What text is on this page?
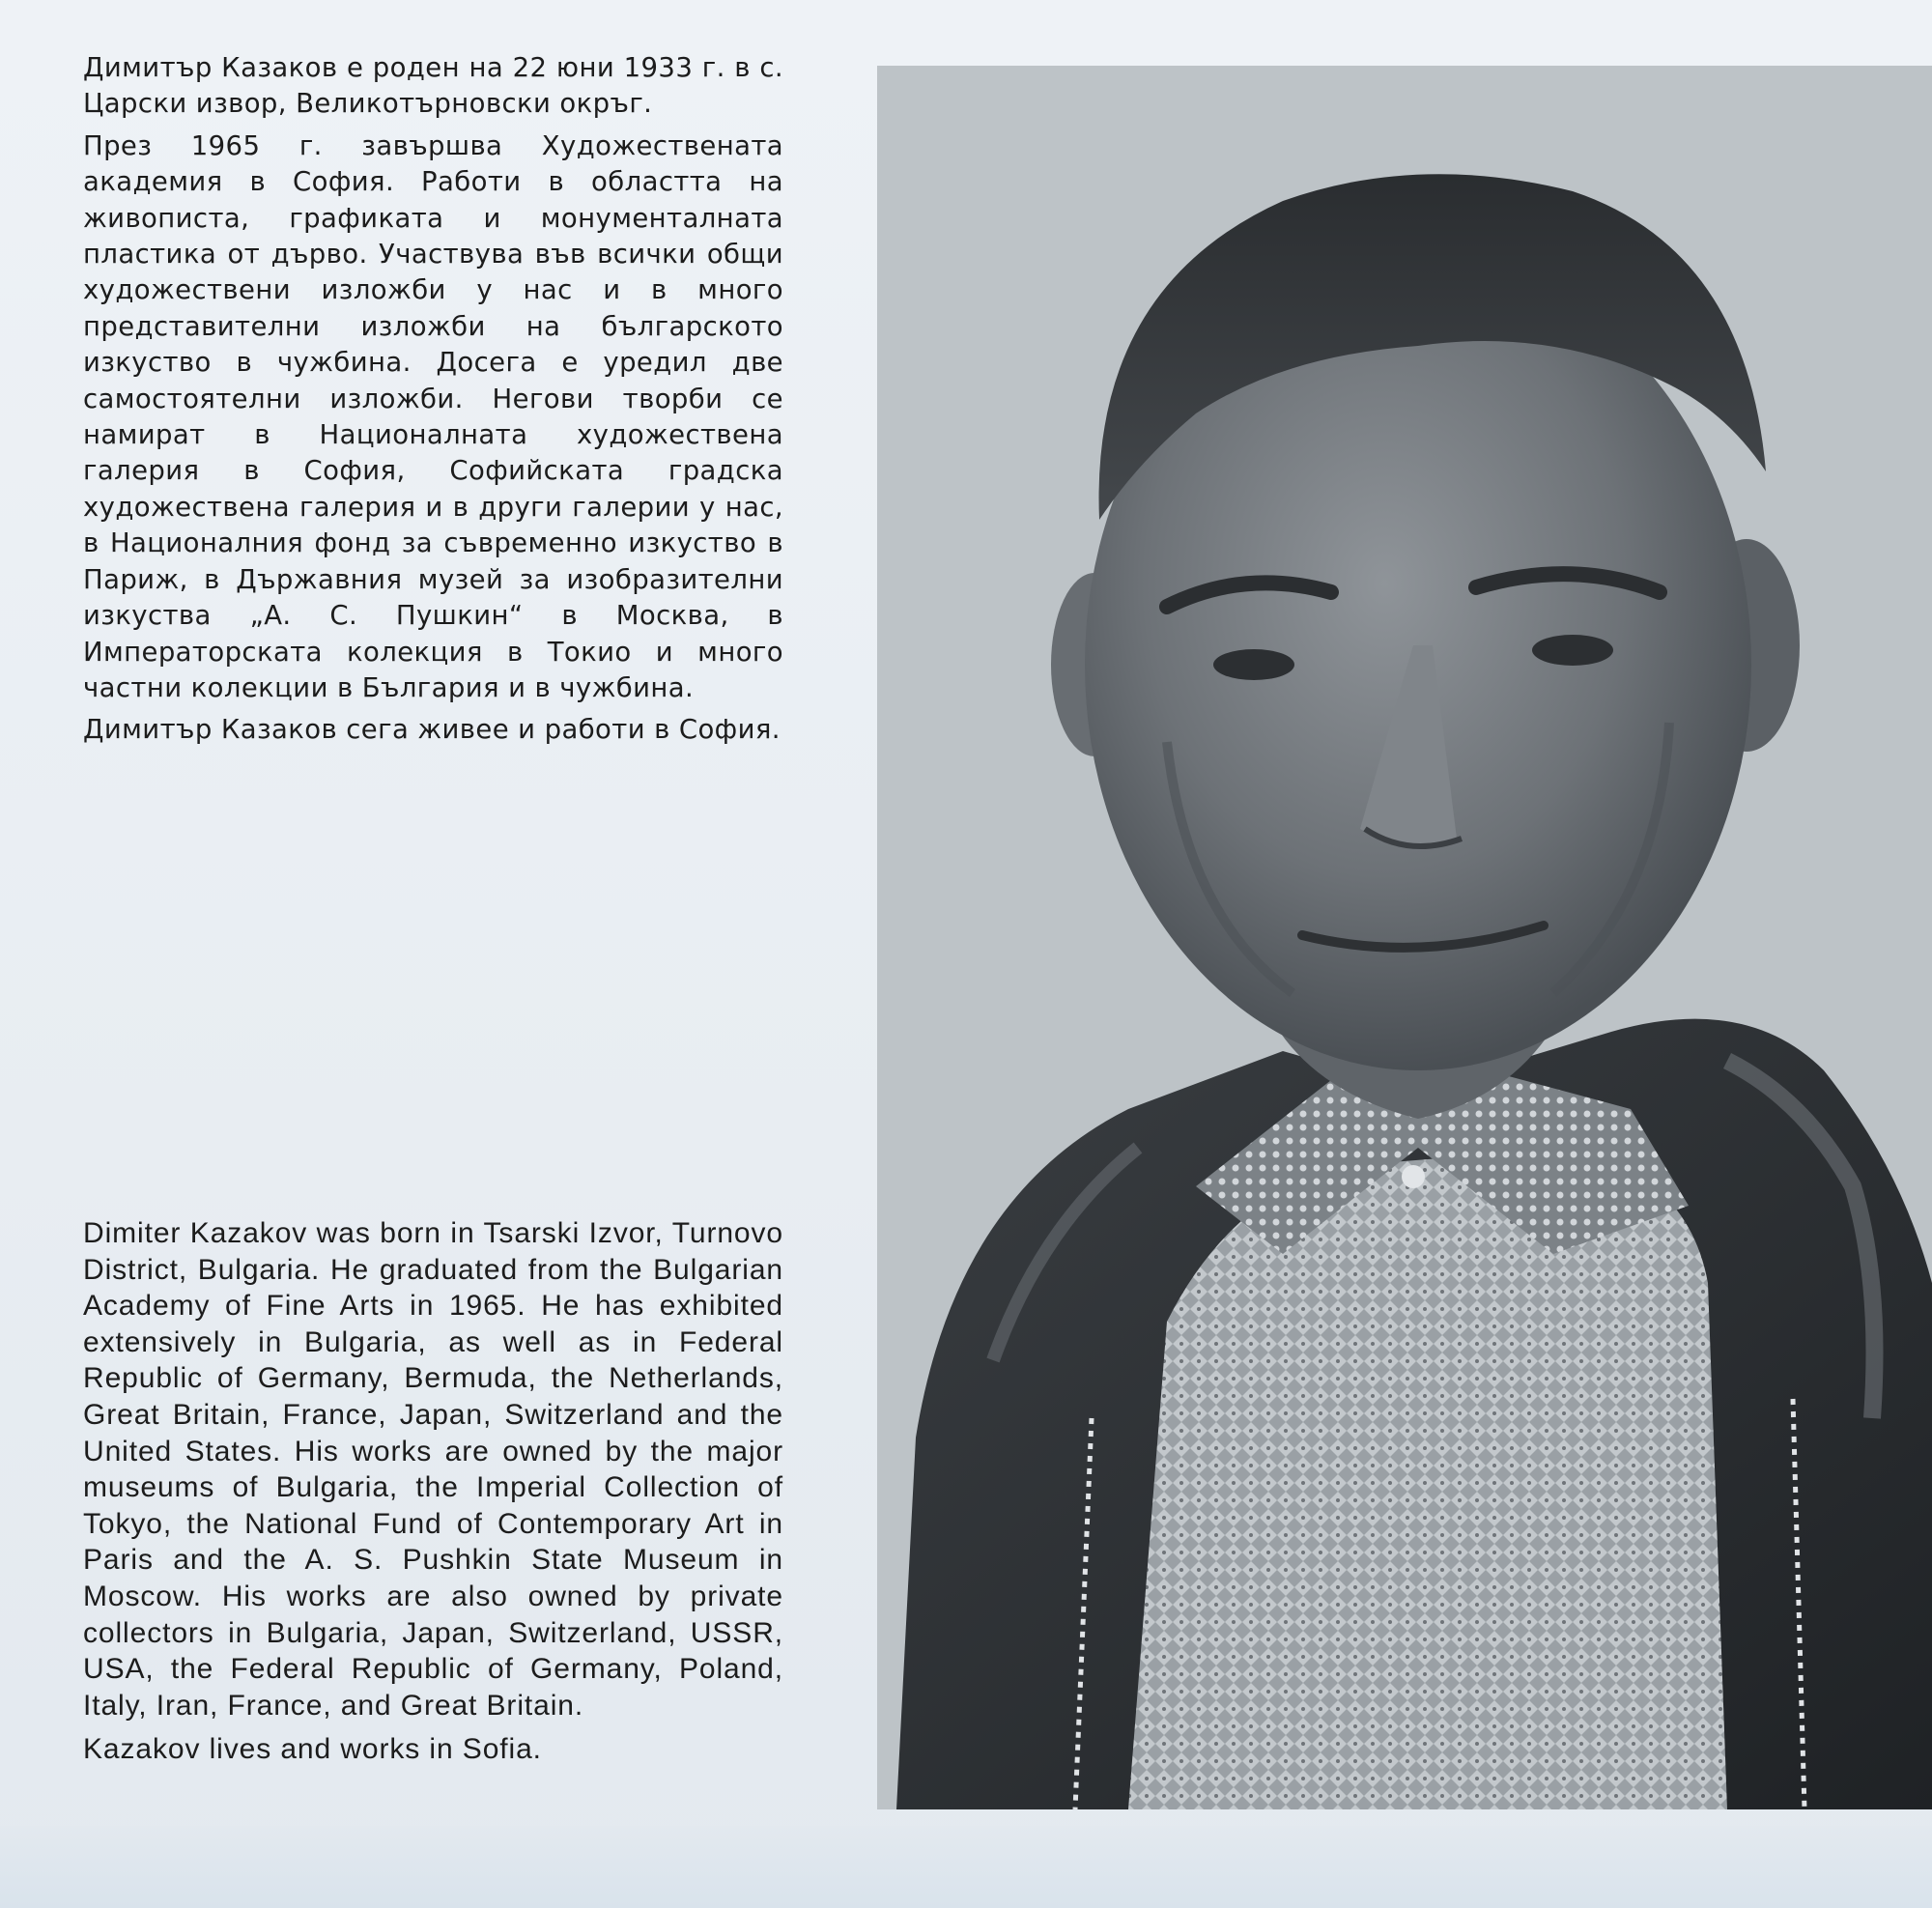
Димитър Казаков е роден на 22 юни 1933 г. в с. Царски извор, Великотърновски окръг.

През 1965 г. завършва Художествената академия в София. Работи в областта на живописта, графиката и монументалната пластика от дърво. Участвува във всички общи художествени изложби у нас и в много представителни изложби на българското изкуство в чужбина. Досега е уредил две самостоятелни изложби. Негови творби се намират в Националната художествена галерия в София, Софийската градска художествена галерия и в други галерии у нас, в Националния фонд за съвременно изкуство в Париж, в Държавния музей за изобразителни изкуства „А. С. Пушкин“ в Москва, в Императорската колекция в Токио и много частни колекции в България и в чужбина.

Димитър Казаков сега живее и работи в София.

Dimiter Kazakov was born in Tsarski Izvor, Turnovo District, Bulgaria. He graduated from the Bulgarian Academy of Fine Arts in 1965. He has exhibited extensively in Bulgaria, as well as in Federal Republic of Germany, Bermuda, the Netherlands, Great Britain, France, Japan, Switzerland and the United States. His works are owned by the major museums of Bulgaria, the Imperial Collection of Tokyo, the National Fund of Contemporary Art in Paris and the A. S. Pushkin State Museum in Moscow. His works are also owned by private collectors in Bulgaria, Japan, Switzerland, USSR, USA, the Federal Republic of Germany, Poland, Italy, Iran, France, and Great Britain.

Kazakov lives and works in Sofia.
